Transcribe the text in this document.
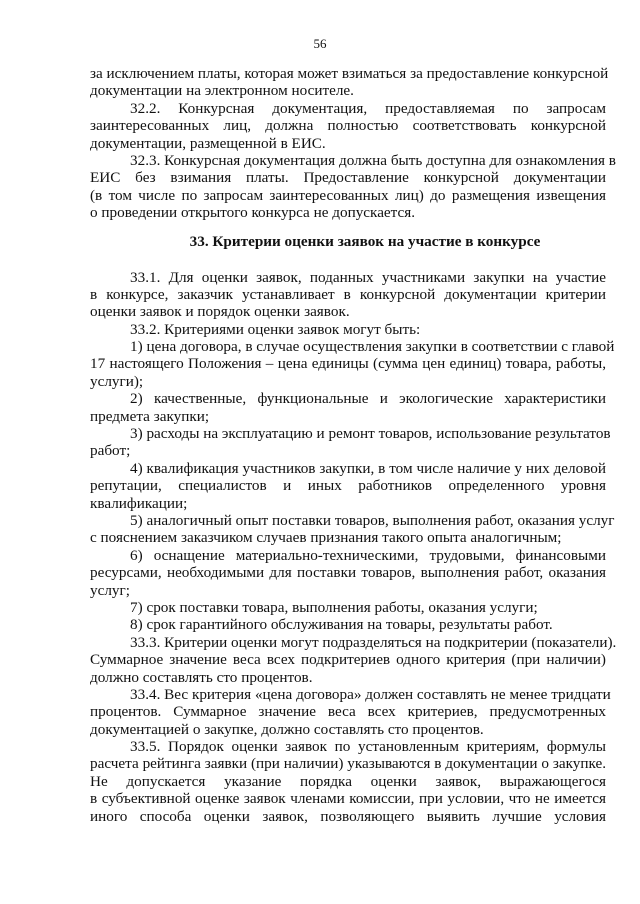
56
за исключением платы, которая может взиматься за предоставление конкурсной
документации на электронном носителе.
32.2. Конкурсная документация, предоставляемая по запросам
заинтересованных лиц, должна полностью соответствовать конкурсной
документации, размещенной в ЕИС.
32.3. Конкурсная документация должна быть доступна для ознакомления в
ЕИС без взимания платы. Предоставление конкурсной документации
(в том числе по запросам заинтересованных лиц) до размещения извещения
о проведении открытого конкурса не допускается.
33. Критерии оценки заявок на участие в конкурсе
33.1. Для оценки заявок, поданных участниками закупки на участие
в конкурсе, заказчик устанавливает в конкурсной документации критерии
оценки заявок и порядок оценки заявок.
33.2. Критериями оценки заявок могут быть:
1) цена договора, в случае осуществления закупки в соответствии с главой
17 настоящего Положения – цена единицы (сумма цен единиц) товара, работы,
услуги);
2) качественные, функциональные и экологические характеристики
предмета закупки;
3) расходы на эксплуатацию и ремонт товаров, использование результатов
работ;
4) квалификация участников закупки, в том числе наличие у них деловой
репутации, специалистов и иных работников определенного уровня
квалификации;
5) аналогичный опыт поставки товаров, выполнения работ, оказания услуг
с пояснением заказчиком случаев признания такого опыта аналогичным;
6) оснащение материально-техническими, трудовыми, финансовыми
ресурсами, необходимыми для поставки товаров, выполнения работ, оказания
услуг;
7) срок поставки товара, выполнения работы, оказания услуги;
8) срок гарантийного обслуживания на товары, результаты работ.
33.3. Критерии оценки могут подразделяться на подкритерии (показатели).
Суммарное значение веса всех подкритериев одного критерия (при наличии)
должно составлять сто процентов.
33.4. Вес критерия «цена договора» должен составлять не менее тридцати
процентов. Суммарное значение веса всех критериев, предусмотренных
документацией о закупке, должно составлять сто процентов.
33.5. Порядок оценки заявок по установленным критериям, формулы
расчета рейтинга заявки (при наличии) указываются в документации о закупке.
Не допускается указание порядка оценки заявок, выражающегося
в субъективной оценке заявок членами комиссии, при условии, что не имеется
иного способа оценки заявок, позволяющего выявить лучшие условия
